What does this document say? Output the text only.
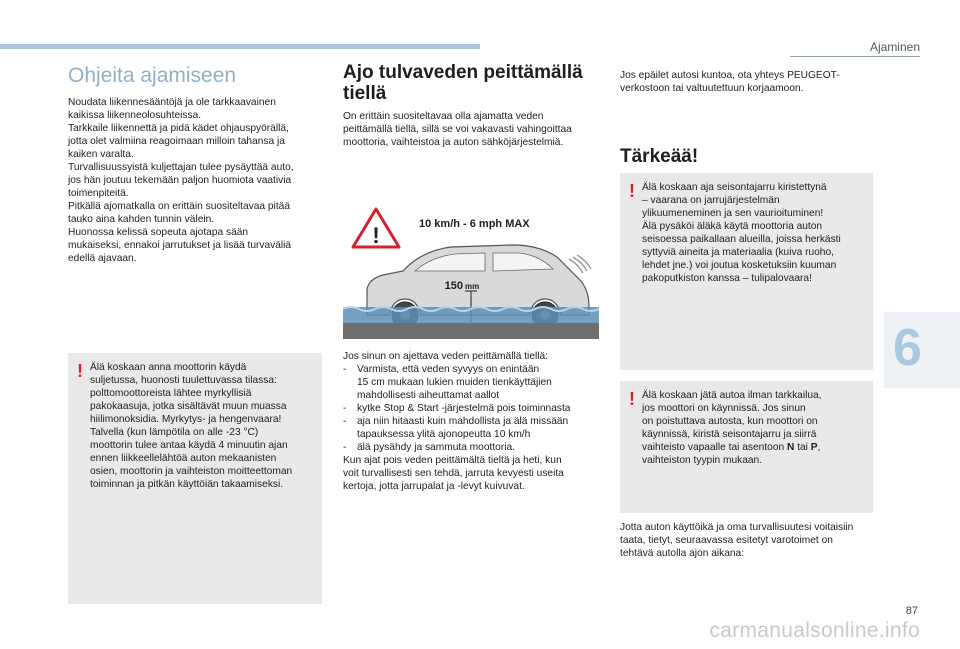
Ajaminen
6
Ohjeita ajamiseen

Noudata liikennesääntöjä ja ole tarkkaavainen
kaikissa liikenneolosuhteissa.
Tarkkaile liikennettä ja pidä kädet ohjauspyörällä,
jotta olet valmiina reagoimaan milloin tahansa ja
kaiken varalta.
Turvallisuussyistä kuljettajan tulee pysäyttää auto,
jos hän joutuu tekemään paljon huomiota vaativia
toimenpiteitä.
Pitkällä ajomatkalla on erittäin suositeltavaa pitää
tauko aina kahden tunnin välein.
Huonossa kelissä sopeuta ajotapa sään
mukaiseksi, ennakoi jarrutukset ja lisää turvaväliä
edellä ajavaan.

! Älä koskaan anna moottorin käydä
suljetussa, huonosti tuulettuvassa tilassa:
polttomoottoreista lähtee myrkyllisiä
pakokaasuja, jotka sisältävät muun muassa
hiilimonoksidia. Myrkytys- ja hengenvaara!
Talvella (kun lämpötila on alle -23 °C)
moottorin tulee antaa käydä 4 minuutin ajan
ennen liikkeellelähtöä auton mekaanisten
osien, moottorin ja vaihteiston moitteettoman
toiminnan ja pitkän käyttöiän takaamiseksi.
Ajo tulvaveden peittämällä
tiellä

On erittäin suositeltavaa olla ajamatta veden
peittämällä tiellä, sillä se voi vakavasti vahingoittaa
moottoria, vaihteistoa ja auton sähköjärjestelmiä.

!	10 km/h - 6 mph MAX
150 mm

Jos sinun on ajettava veden peittämällä tiellä:

-	Varmista, että veden syvyys on enintään
15 cm mukaan lukien muiden tienkäyttäjien
mahdollisesti aiheuttamat aallot
-	kytke Stop & Start -järjestelmä pois toiminnasta
-	aja niin hitaasti kuin mahdollista ja älä missään
tapauksessa ylitä ajonopeutta 10 km/h
-	älä pysähdy ja sammuta moottoria.

Kun ajat pois veden peittämältä tieltä ja heti, kun
voit turvallisesti sen tehdä, jarruta kevyesti useita
kertoja, jotta jarrupalat ja -levyt kuivuvat.

Jos epäilet autosi kuntoa, ota yhteys PEUGEOT-
verkostoon tai valtuutettuun korjaamoon.

Tärkeää!
! Älä koskaan aja seisontajarru kiristettynä
– vaarana on jarrujärjestelmän
ylikuumeneminen ja sen vaurioituminen!
Älä pysäköi äläkä käytä moottoria auton
seisoessa paikallaan alueilla, joissa herkästi
syttyviä aineita ja materiaalia (kuiva ruoho,
lehdet jne.) voi joutua kosketuksiin kuuman
pakoputkiston kanssa – tulipalovaara!
! Älä koskaan jätä autoa ilman tarkkailua,
jos moottori on käynnissä. Jos sinun
on poistuttava autosta, kun moottori on
käynnissä, kiristä seisontajarru ja siirrä
vaihteisto vapaalle tai asentoon N tai P,
vaihteiston tyypin mukaan.

Jotta auton käyttöikä ja oma turvallisuutesi voitaisiin
taata, tietyt, seuraavassa esitetyt varotoimet on
tehtävä autolla ajon aikana:

87
carmanualsonline.info
